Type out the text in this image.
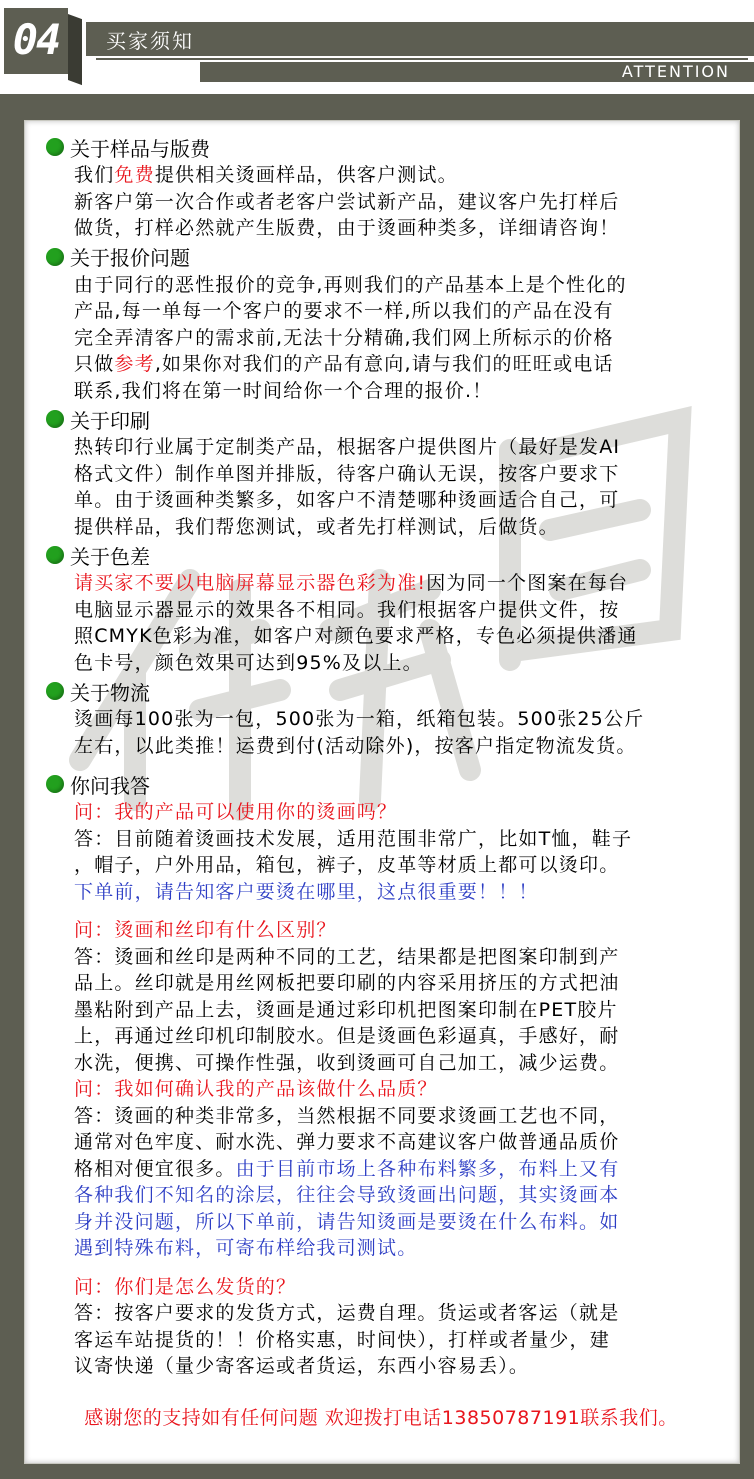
04	买家须知
ATTENTION
关于样品与版费
我们免费提供相关烫画样品，供客户测试。
新客户第一次合作或者老客户尝试新产品，建议客户先打样后
做货，打样必然就产生版费，由于烫画种类多，详细请咨询！
关于报价问题
由于同行的恶性报价的竞争,再则我们的产品基本上是个性化的
产品,每一单每一个客户的要求不一样,所以我们的产品在没有
完全弄清客户的需求前,无法十分精确,我们网上所标示的价格
只做参考,如果你对我们的产品有意向,请与我们的旺旺或电话
联系,我们将在第一时间给你一个合理的报价.！
关于印刷
热转印行业属于定制类产品，根据客户提供图片（最好是发AI
格式文件）制作单图并排版，待客户确认无误，按客户要求下
单。由于烫画种类繁多，如客户不清楚哪种烫画适合自己，可
提供样品，我们帮您测试，或者先打样测试，后做货。
关于色差
请买家不要以电脑屏幕显示器色彩为准!因为同一个图案在每台
电脑显示器显示的效果各不相同。我们根据客户提供文件，按
照CMYK色彩为准，如客户对颜色要求严格，专色必须提供潘通
色卡号，颜色效果可达到95%及以上。
关于物流
烫画每100张为一包，500张为一箱，纸箱包装。500张25公斤
左右，以此类推！运费到付(活动除外)，按客户指定物流发货。
你问我答
问：我的产品可以使用你的烫画吗？
答：目前随着烫画技术发展，适用范围非常广，比如T恤，鞋子
，帽子，户外用品，箱包，裤子，皮革等材质上都可以烫印。
下单前，请告知客户要烫在哪里，这点很重要！！！
问：烫画和丝印有什么区别？
答：烫画和丝印是两种不同的工艺，结果都是把图案印制到产
品上。丝印就是用丝网板把要印刷的内容采用挤压的方式把油
墨粘附到产品上去，烫画是通过彩印机把图案印制在PET胶片
上，再通过丝印机印制胶水。但是烫画色彩逼真，手感好，耐
水洗，便携、可操作性强，收到烫画可自己加工，减少运费。
问：我如何确认我的产品该做什么品质？
答：烫画的种类非常多，当然根据不同要求烫画工艺也不同，
通常对色牢度、耐水洗、弹力要求不高建议客户做普通品质价
格相对便宜很多。由于目前市场上各种布料繁多，布料上又有
各种我们不知名的涂层，往往会导致烫画出问题，其实烫画本
身并没问题，所以下单前，请告知烫画是要烫在什么布料。如
遇到特殊布料，可寄布样给我司测试。
问：你们是怎么发货的？
答：按客户要求的发货方式，运费自理。货运或者客运（就是
客运车站提货的！！价格实惠，时间快），打样或者量少，建
议寄快递（量少寄客运或者货运，东西小容易丢）。
感谢您的支持如有任何问题 欢迎拨打电话13850787191联系我们。
